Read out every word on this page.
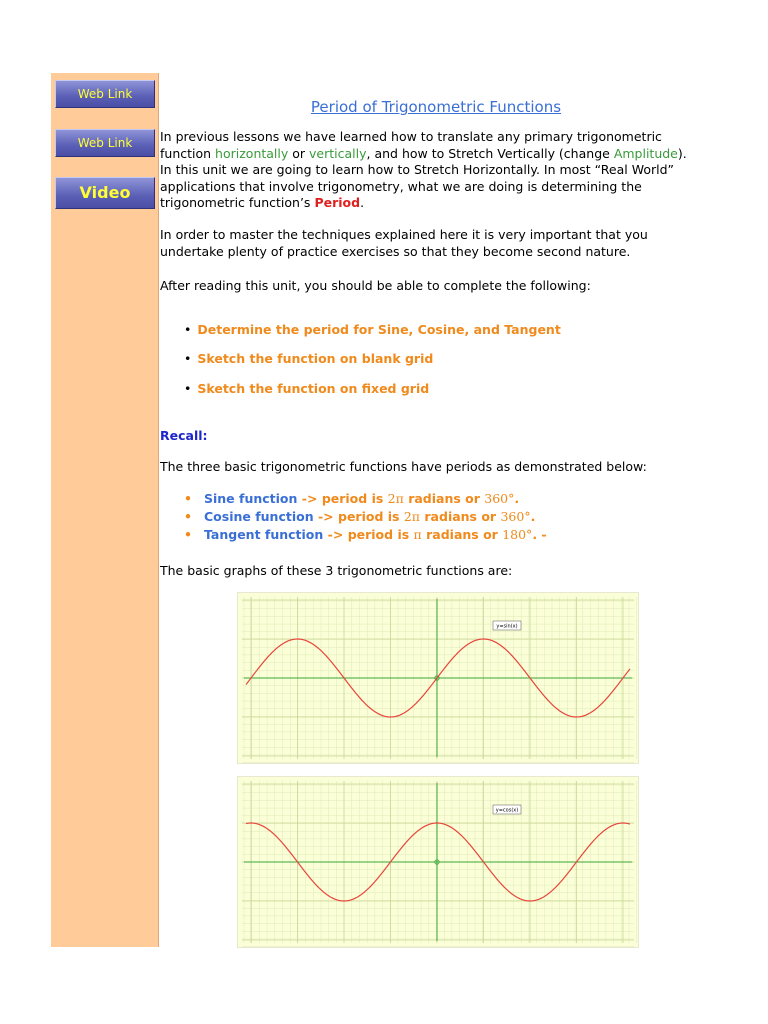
Web Link
Web Link
Video
Period of Trigonometric Functions
In previous lessons we have learned how to translate any primary trigonometric
function horizontally or vertically, and how to Stretch Vertically (change Amplitude).
In this unit we are going to learn how to Stretch Horizontally. In most “Real World”
applications that involve trigonometry, what we are doing is determining the
trigonometric function’s Period.
In order to master the techniques explained here it is very important that you
undertake plenty of practice exercises so that they become second nature.
After reading this unit, you should be able to complete the following:
• Determine the period for Sine, Cosine, and Tangent
• Sketch the function on blank grid
• Sketch the function on fixed grid
Recall:
The three basic trigonometric functions have periods as demonstrated below:
• Sine function -> period is 2π radians or 360°.
• Cosine function -> period is 2π radians or 360°.
• Tangent function -> period is π radians or 180°. -
The basic graphs of these 3 trigonometric functions are:
y=sin(x)
y=cos(x)
